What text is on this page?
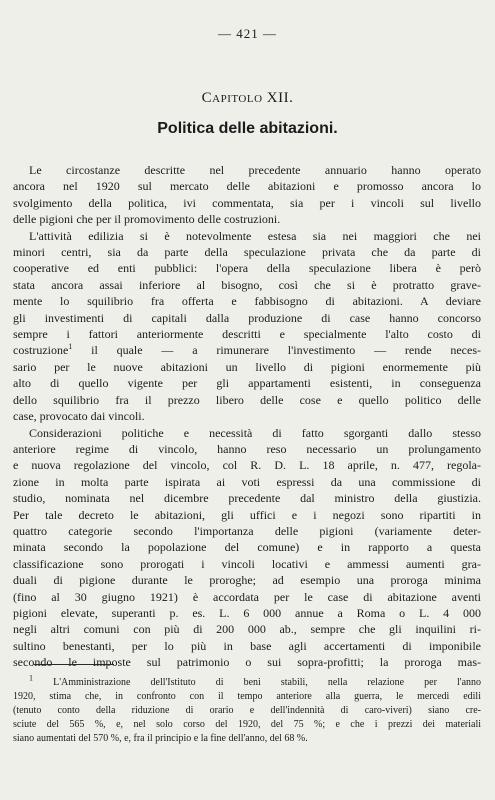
— 421 —
Capitolo XII.
Politica delle abitazioni.

Le circostanze descritte nel precedente annuario hanno operato
ancora nel 1920 sul mercato delle abitazioni e promosso ancora lo
svolgimento della politica, ivi commentata, sia per i vincoli sul livello
delle pigioni che per il promovimento delle costruzioni.

L'attività edilizia si è notevolmente estesa sia nei maggiori che nei
minori centri, sia da parte della speculazione privata che da parte di
cooperative ed enti pubblici: l'opera della speculazione libera è però
stata ancora assai inferiore al bisogno, così che si è protratto grave-
mente lo squilibrio fra offerta e fabbisogno di abitazioni. A deviare
gli investimenti di capitali dalla produzione di case hanno concorso
sempre i fattori anteriormente descritti e specialmente l'alto costo di
costruzione$^1$ il quale — a rimunerare l'investimento — rende neces-
sario per le nuove abitazioni un livello di pigioni enormemente più
alto di quello vigente per gli appartamenti esistenti, in conseguenza
dello squilibrio fra il prezzo libero delle cose e quello politico delle
case, provocato dai vincoli.

Considerazioni politiche e necessità di fatto sgorganti dallo stesso
anteriore regime di vincolo, hanno reso necessario un prolungamento
e nuova regolazione del vincolo, col R. D. L. 18 aprile, n. 477, regola-
zione in molta parte ispirata ai voti espressi da una commissione di
studio, nominata nel dicembre precedente dal ministro della giustizia.
Per tale decreto le abitazioni, gli uffici e i negozi sono ripartiti in
quattro categorie secondo l'importanza delle pigioni (variamente deter-
minata secondo la popolazione del comune) e in rapporto a questa
classificazione sono prorogati i vincoli locativi e ammessi aumenti gra-
duali di pigione durante le proroghe; ad esempio una proroga minima
(fino al 30 giugno 1921) è accordata per le case di abitazione aventi
pigioni elevate, superanti p. es. L. 6 000 annue a Roma o L. 4 000
negli altri comuni con più di 200 000 ab., sempre che gli inquilini ri-
sultino benestanti, per lo più in base agli accertamenti di imponibile
secondo le imposte sul patrimonio o sui sopra-profitti; la proroga mas-

$^1$ L'Amministrazione dell'Istituto di beni stabili, nella relazione per l'anno
1920, stima che, in confronto con il tempo anteriore alla guerra, le mercedi edili
(tenuto conto della riduzione di orario e dell'indennità di caro-viveri) siano cre-
sciute del 565 %, e, nel solo corso del 1920, del 75 %; e che i prezzi dei materiali
siano aumentati del 570 %, e, fra il principio e la fine dell'anno, del 68 %.
